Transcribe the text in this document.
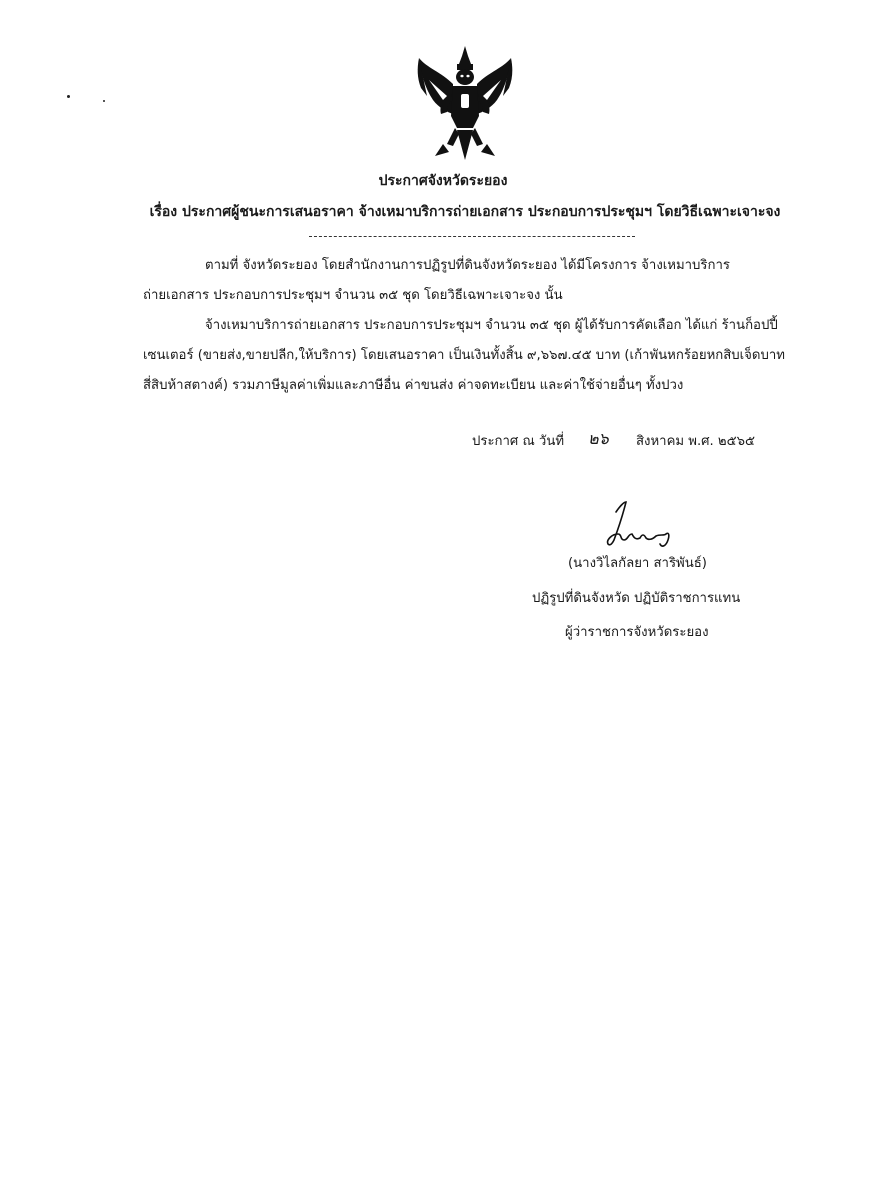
ประกาศจังหวัดระยอง
เรื่อง ประกาศผู้ชนะการเสนอราคา จ้างเหมาบริการถ่ายเอกสาร ประกอบการประชุมฯ โดยวิธีเฉพาะเจาะจง
ตามที่ จังหวัดระยอง โดยสำนักงานการปฏิรูปที่ดินจังหวัดระยอง ได้มีโครงการ จ้างเหมาบริการ
ถ่ายเอกสาร ประกอบการประชุมฯ จำนวน ๓๕ ชุด โดยวิธีเฉพาะเจาะจง นั้น
จ้างเหมาบริการถ่ายเอกสาร ประกอบการประชุมฯ จำนวน ๓๕ ชุด ผู้ได้รับการคัดเลือก ได้แก่ ร้านก็อปปี้
เซนเตอร์ (ขายส่ง,ขายปลีก,ให้บริการ) โดยเสนอราคา เป็นเงินทั้งสิ้น ๙,๖๖๗.๔๕ บาท (เก้าพันหกร้อยหกสิบเจ็ดบาท
สี่สิบห้าสตางค์) รวมภาษีมูลค่าเพิ่มและภาษีอื่น ค่าขนส่ง ค่าจดทะเบียน และค่าใช้จ่ายอื่นๆ ทั้งปวง
ประกาศ ณ วันที่ ๒๖ สิงหาคม พ.ศ. ๒๕๖๕
(นางวิไลกัลยา สาริพันธ์)
ปฏิรูปที่ดินจังหวัด ปฏิบัติราชการแทน
ผู้ว่าราชการจังหวัดระยอง
